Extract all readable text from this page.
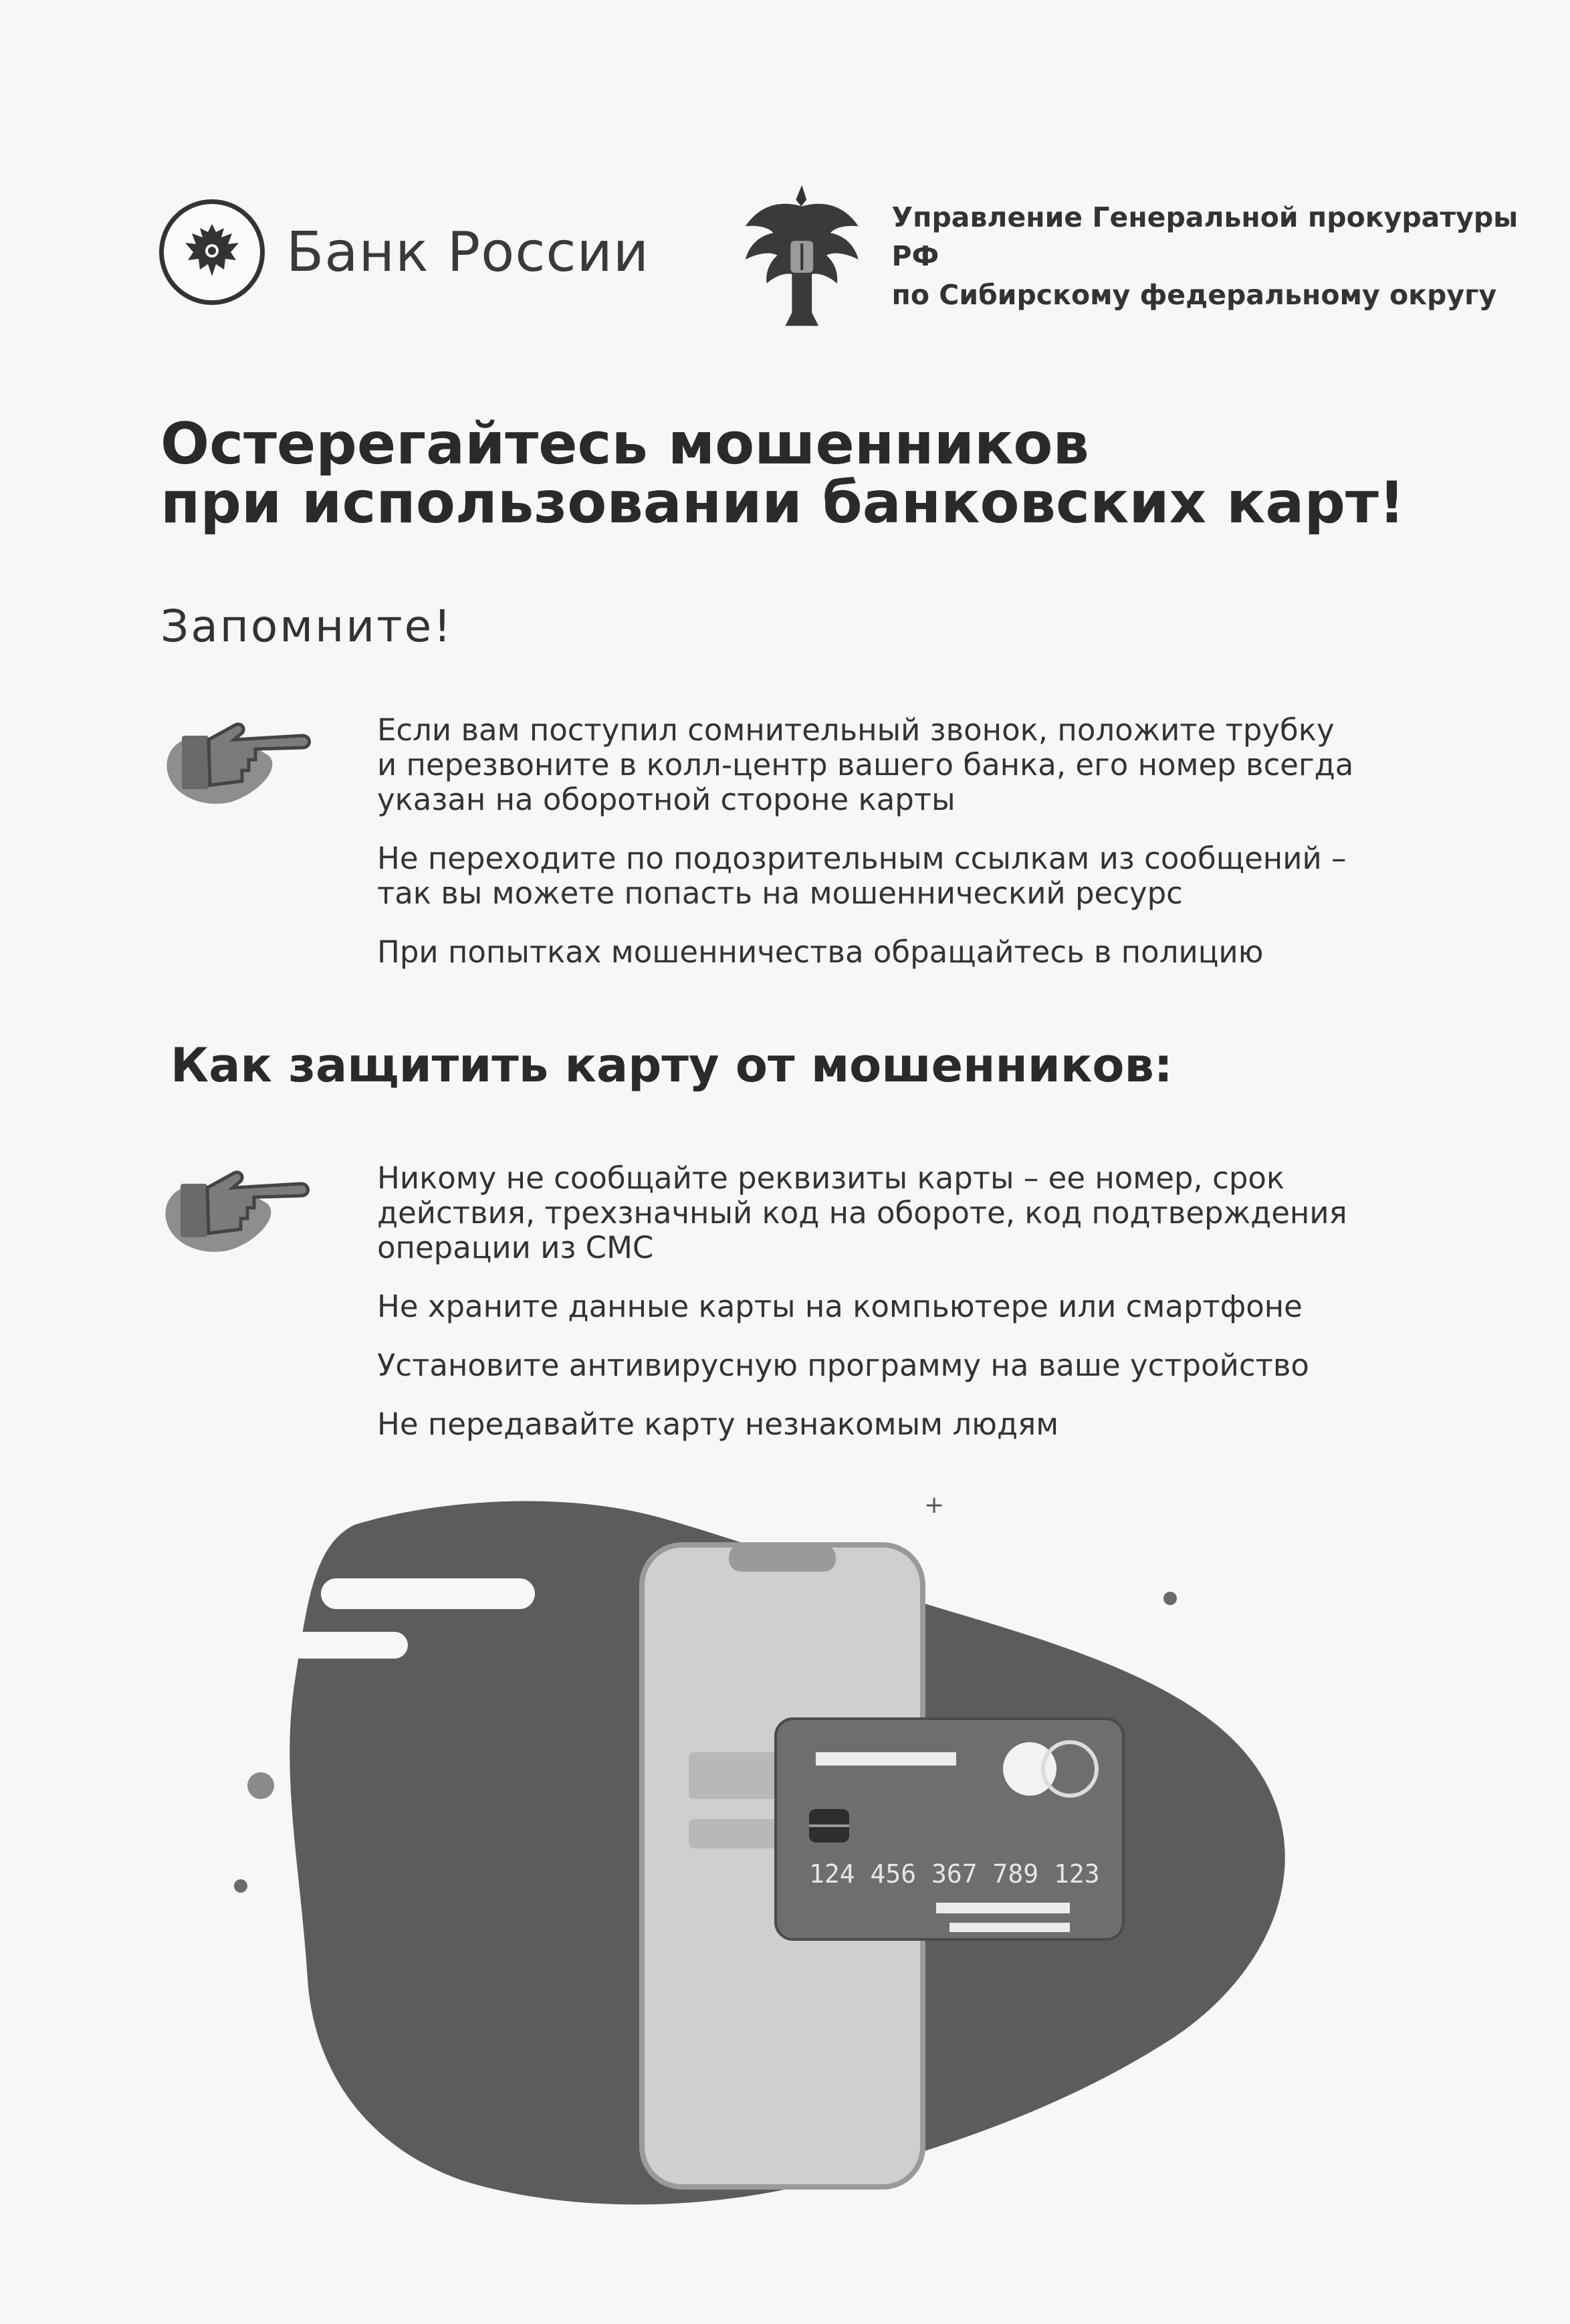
Банк России
Управление Генеральной прокуратуры РФ
по Сибирскому федеральному округу
Остерегайтесь мошенников
при использовании банковских карт!
Запомните!
Если вам поступил сомнительный звонок, положите трубку и перезвоните в колл-центр вашего банка, его номер всегда указан на оборотной стороне карты
Не переходите по подозрительным ссылкам из сообщений – так вы можете попасть на мошеннический ресурс
При попытках мошенничества обращайтесь в полицию
Как защитить карту от мошенников:
Никому не сообщайте реквизиты карты – ее номер, срок действия, трехзначный код на обороте, код подтверждения операции из СМС
Не храните данные карты на компьютере или смартфоне
Установите антивирусную программу на ваше устройство
Не передавайте карту незнакомым людям
+
124 456 367 789 123
